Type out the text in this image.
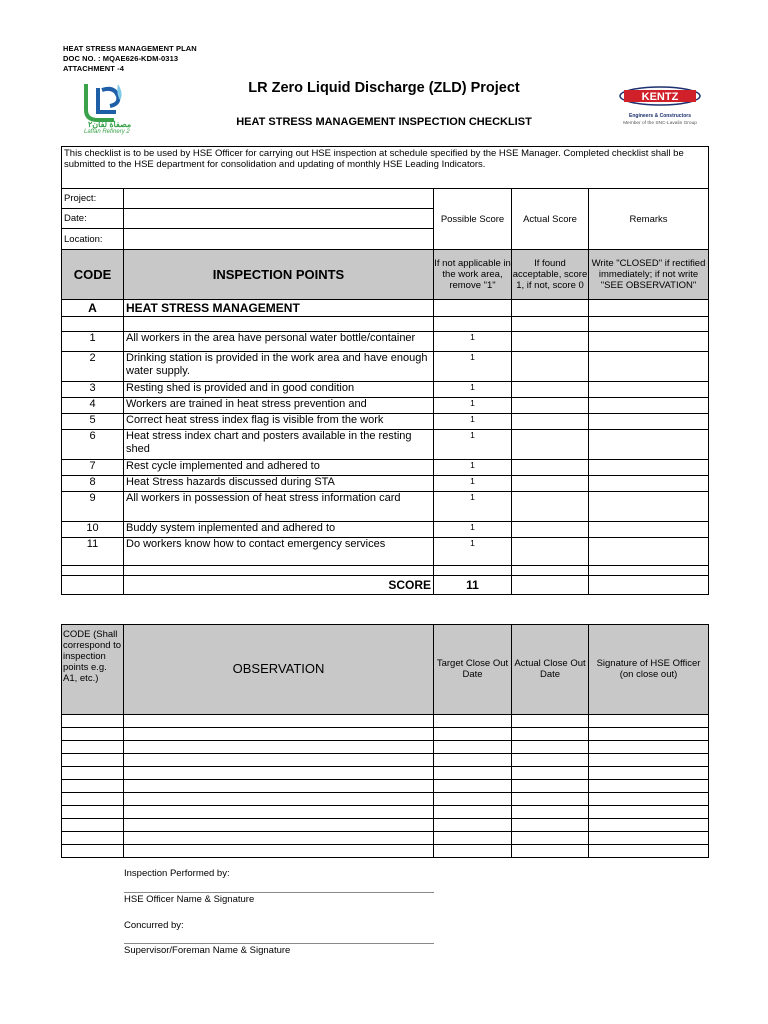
HEAT STRESS MANAGEMENT PLAN
DOC NO. : MQAE626-KDM-0313
ATTACHMENT -4
مصفاة لفان٢
Laffan Refinery 2
LR Zero Liquid Discharge (ZLD) Project
HEAT STRESS MANAGEMENT INSPECTION CHECKLIST
KENTZ
Engineers & Constructors
Member of the SNC-Lavalin Group
This checklist is to be used by HSE Officer for carrying out HSE inspection at schedule specified by the HSE Manager. Completed checklist shall be submitted to the HSE department for consolidation and updating of monthly HSE Leading Indicators.				
Project:		Possible Score	Actual Score	Remarks
Date:				
Location:				
CODE	INSPECTION POINTS	If not applicable in the work area, remove "1"	If found acceptable, score 1, if not, score 0	Write "CLOSED" if rectified immediately; if not write "SEE OBSERVATION"
A	HEAT STRESS MANAGEMENT			

1	All workers in the area have personal water bottle/container	1		
2	Drinking station is provided in the work area and have enough water supply.	1		
3	Resting shed is provided and in good condition	1		
4	Workers are trained in heat stress prevention and	1		
5	Correct heat stress index flag is visible from the work	1		
6	Heat stress index chart and posters available in the resting shed	1		
7	Rest cycle implemented and adhered to	1		
8	Heat Stress hazards discussed during STA	1		
9	All workers in possession of heat stress information card	1		
10	Buddy system inplemented and adhered to	1		
11	Do workers know how to contact emergency services	1		

	SCORE	11		
CODE (Shall correspond to inspection points e.g. A1, etc.)	OBSERVATION	Target Close Out Date	Actual Close Out Date	Signature of HSE Officer (on close out)

Inspection Performed by:
HSE Officer Name & Signature
Concurred by:
Supervisor/Foreman Name & Signature
